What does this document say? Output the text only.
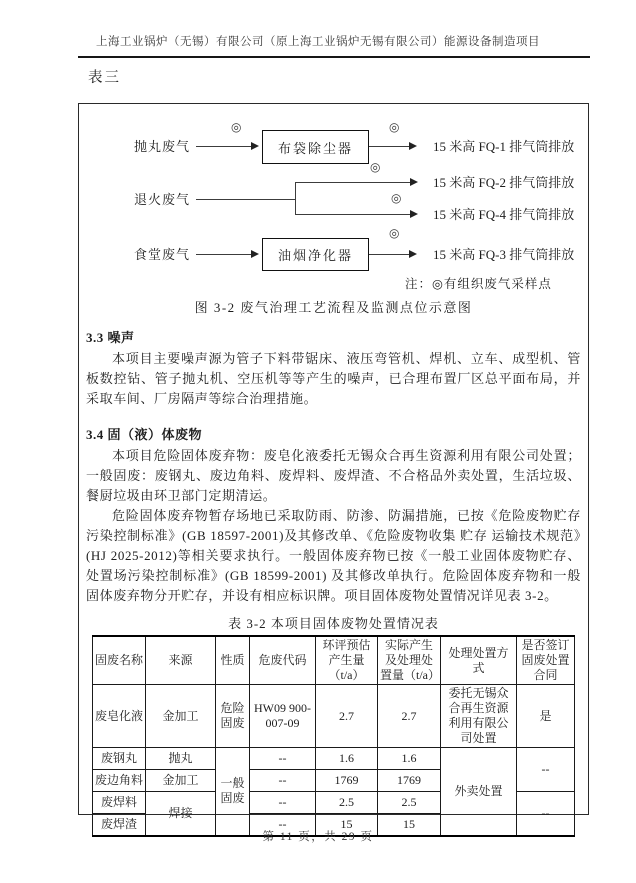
上海工业锅炉（无锡）有限公司（原上海工业锅炉无锡有限公司）能源设备制造项目
表三
抛丸废气
◎
布袋除尘器
◎
15 米高 FQ-1 排气筒排放
◎
15 米高 FQ-2 排气筒排放
退火废气	◎
15 米高 FQ-4 排气筒排放
食堂废气	油烟净化器
◎
15 米高 FQ-3 排气筒排放
注：◎有组织废气采样点
图 3-2 废气治理工艺流程及监测点位示意图
3.3 噪声
本项目主要噪声源为管子下料带锯床、液压弯管机、焊机、立车、成型机、管板数控钻、管子抛丸机、空压机等等产生的噪声，已合理布置厂区总平面布局，并采取车间、厂房隔声等综合治理措施。
3.4 固（液）体废物
本项目危险固体废弃物：废皂化液委托无锡众合再生资源利用有限公司处置；一般固废：废钢丸、废边角料、废焊料、废焊渣、不合格品外卖处置，生活垃圾、餐厨垃圾由环卫部门定期清运。
危险固体废弃物暂存场地已采取防雨、防渗、防漏措施，已按《危险废物贮存污染控制标准》(GB 18597-2001)及其修改单、《危险废物收集 贮存 运输技术规范》(HJ 2025-2012)等相关要求执行。一般固体废弃物已按《一般工业固体废物贮存、处置场污染控制标准》(GB 18599-2001) 及其修改单执行。危险固体废弃物和一般固体废弃物分开贮存，并设有相应标识牌。项目固体废物处置情况详见表 3-2。
表 3-2 本项目固体废物处置情况表
固废名称	来源	性质	危废代码	环评预估产生量（t/a）	实际产生及处理处置量（t/a）	处理处置方式	是否签订固废处置合同
废皂化液	金加工	危险固废	HW09 900-007-09	2.7	2.7	委托无锡众合再生资源利用有限公司处置	是
废钢丸	抛丸	一般固废	--	1.6	1.6	外卖处置	--
废边角料	金加工		--	1769	1769		
废焊料	焊接		--	2.5	2.5		--
废焊渣			--	15	15		
第 11 页，共 29 页
